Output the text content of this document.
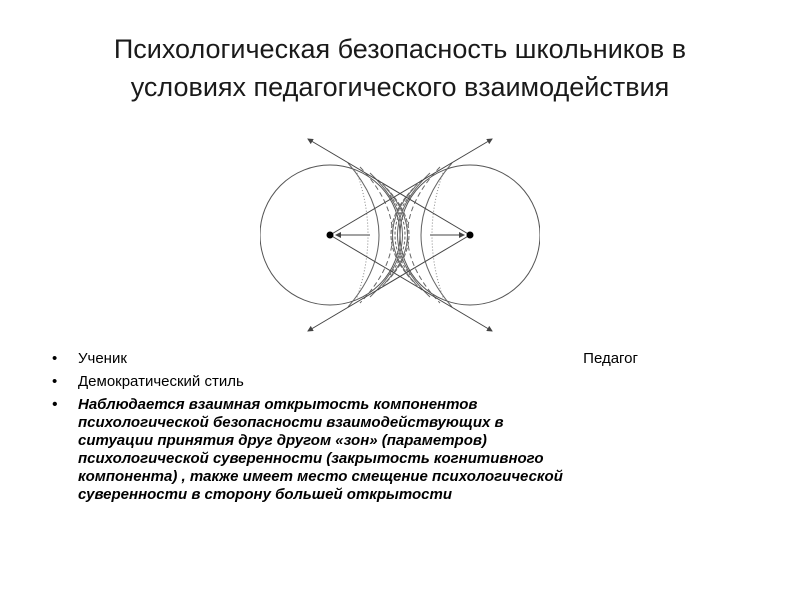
Психологическая безопасность школьников в
условиях педагогического взаимодействия
• Ученик	Педагог
• Демократический стиль
• Наблюдается взаимная открытость компонентов
психологической безопасности взаимодействующих в
ситуации принятия друг другом «зон» (параметров)
психологической суверенности (закрытость когнитивного
компонента) , также имеет место смещение психологической
суверенности в сторону большей открытости
